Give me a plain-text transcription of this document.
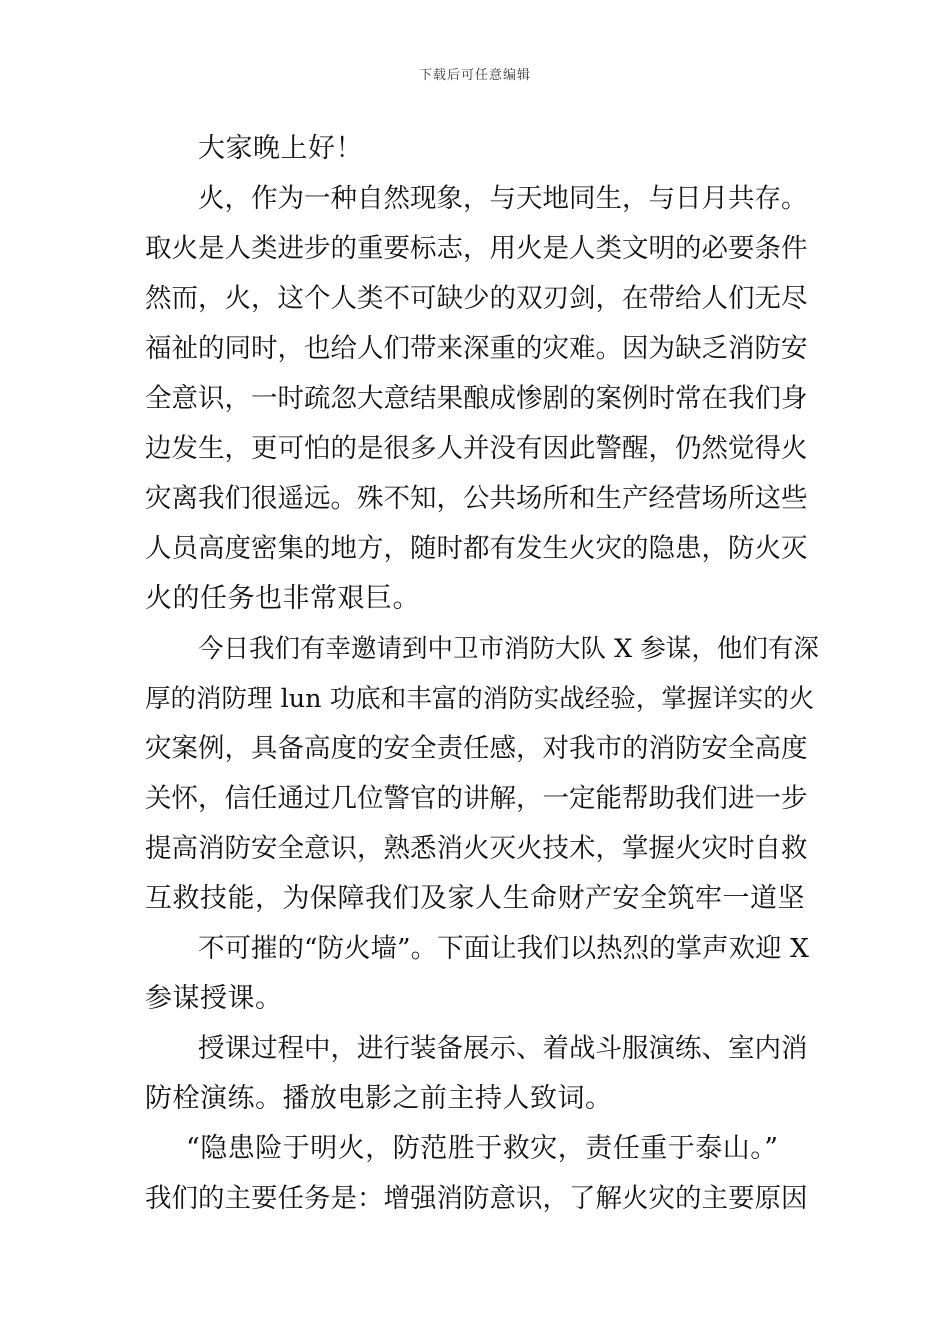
下载后可任意编辑
大家晚上好！
火，作为一种自然现象，与天地同生，与日月共存。
取火是人类进步的重要标志，用火是人类文明的必要条件
然而，火，这个人类不可缺少的双刃剑，在带给人们无尽
福祉的同时，也给人们带来深重的灾难。因为缺乏消防安
全意识，一时疏忽大意结果酿成惨剧的案例时常在我们身
边发生，更可怕的是很多人并没有因此警醒，仍然觉得火
灾离我们很遥远。殊不知，公共场所和生产经营场所这些
人员高度密集的地方，随时都有发生火灾的隐患，防火灭
火的任务也非常艰巨。
今日我们有幸邀请到中卫市消防大队 X 参谋，他们有深
厚的消防理 lun 功底和丰富的消防实战经验，掌握详实的火
灾案例，具备高度的安全责任感，对我市的消防安全高度
关怀，信任通过几位警官的讲解，一定能帮助我们进一步
提高消防安全意识，熟悉消火灭火技术，掌握火灾时自救
互救技能，为保障我们及家人生命财产安全筑牢一道坚
不可摧的“防火墙”。下面让我们以热烈的掌声欢迎 X
参谋授课。
授课过程中，进行装备展示、着战斗服演练、室内消
防栓演练。播放电影之前主持人致词。
“隐患险于明火，防范胜于救灾，责任重于泰山。”
我们的主要任务是：增强消防意识，了解火灾的主要原因
